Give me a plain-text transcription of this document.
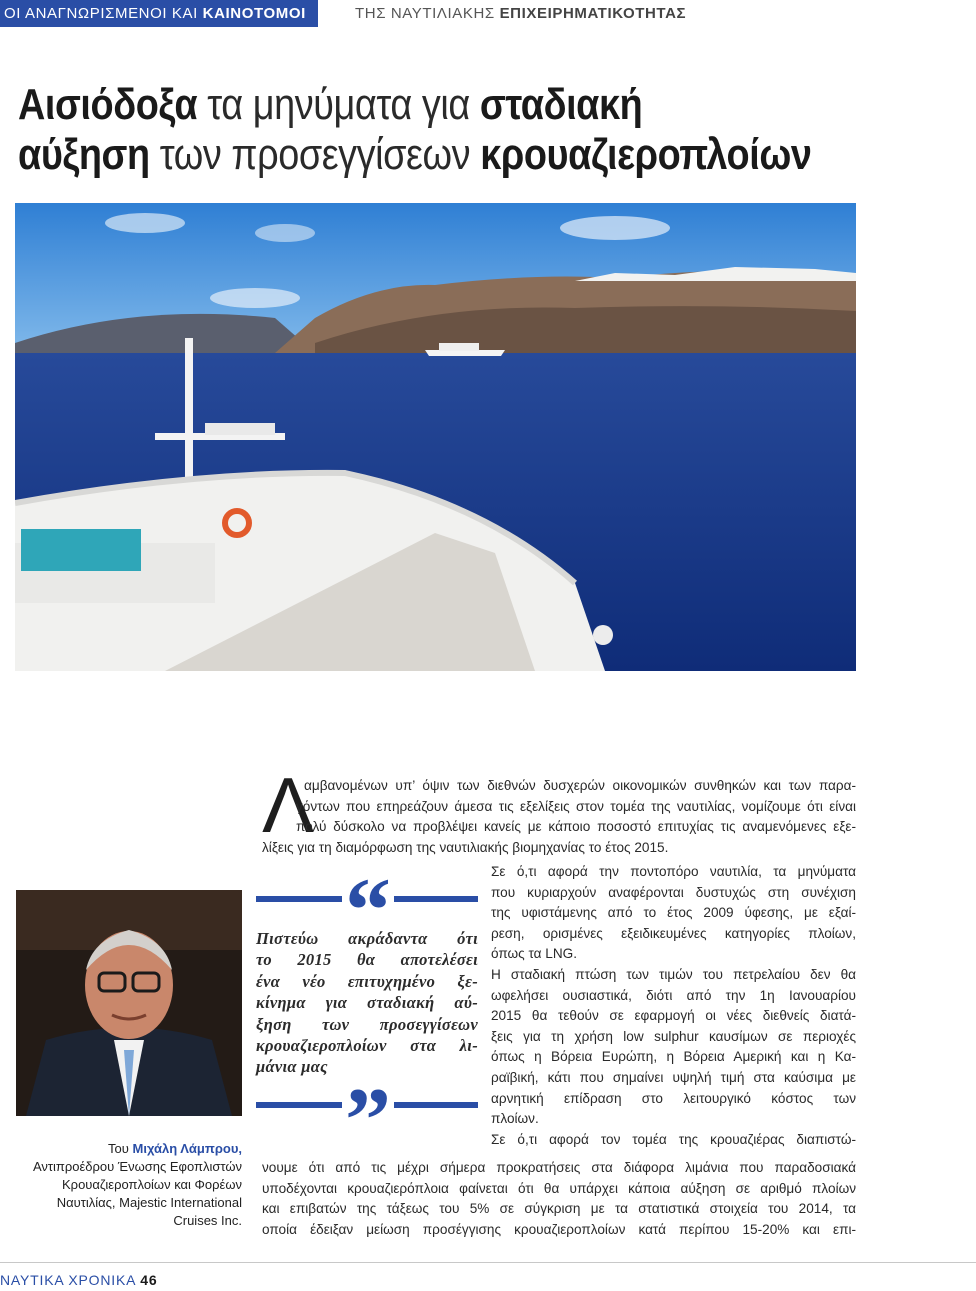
ΟΙ ΑΝΑΓΝΩΡΙΣΜΕΝΟΙ ΚΑΙ ΚΑΙΝΟΤΟΜΟΙ	ΤΗΣ ΝΑΥΤΙΛΙΑΚΗΣ ΕΠΙΧΕΙΡΗΜΑΤΙΚΟΤΗΤΑΣ
Αισιόδοξα τα μηνύματα για σταδιακή
αύξηση των προσεγγίσεων κρουαζιεροπλοίων
Του Μιχάλη Λάμπρου,
Αντιπροέδρου Ένωσης Εφοπλιστών
Κρουαζιεροπλοίων και Φορέων
Ναυτιλίας, Majestic International
Cruises Inc.
Λ
αμβανομένων υπ’ όψιν των διεθνών δυσχερών οικονομικών συνθηκών και των παρα-
γόντων που επηρεάζουν άμεσα τις εξελίξεις στον τομέα της ναυτιλίας, νομίζουμε ότι είναι
πολύ δύσκολο να προβλέψει κανείς με κάποιο ποσοστό επιτυχίας τις αναμενόμενες εξε-
λίξεις για τη διαμόρφωση της ναυτιλιακής βιομηχανίας το έτος 2015.
“
Πιστεύω ακράδαντα ότι
το 2015 θα αποτελέσει
ένα νέο επιτυχημένο ξε-
κίνημα για σταδιακή αύ-
ξηση των προσεγγίσεων
κρουαζιεροπλοίων στα λι-
μάνια μας
”
Σε ό,τι αφορά την ποντοπόρο ναυτιλία, τα μηνύματα
που κυριαρχούν αναφέρονται δυστυχώς στη συνέχιση
της υφιστάμενης από το έτος 2009 ύφεσης, με εξαί-
ρεση, ορισμένες εξειδικευμένες κατηγορίες πλοίων,
όπως τα LNG.
Η σταδιακή πτώση των τιμών του πετρελαίου δεν θα
ωφελήσει ουσιαστικά, διότι από την 1η Ιανουαρίου
2015 θα τεθούν σε εφαρμογή οι νέες διεθνείς διατά-
ξεις για τη χρήση low sulphur καυσίμων σε περιοχές
όπως η Βόρεια Ευρώπη, η Βόρεια Αμερική και η Κα-
ραϊβική, κάτι που σημαίνει υψηλή τιμή στα καύσιμα με
αρνητική επίδραση στο λειτουργικό κόστος των
πλοίων.
Σε ό,τι αφορά τον τομέα της κρουαζιέρας διαπιστώ-
νουμε ότι από τις μέχρι σήμερα προκρατήσεις στα διάφορα λιμάνια που παραδοσιακά
υποδέχονται κρουαζιερόπλοια φαίνεται ότι θα υπάρχει κάποια αύξηση σε αριθμό πλοίων
και επιβατών της τάξεως του 5% σε σύγκριση με τα στατιστικά στοιχεία του 2014, τα
οποία έδειξαν μείωση προσέγγισης κρουαζιεροπλοίων κατά περίπου 15-20% και επι-
ΝΑΥΤΙΚΑ ΧΡΟΝΙΚΑ 46
